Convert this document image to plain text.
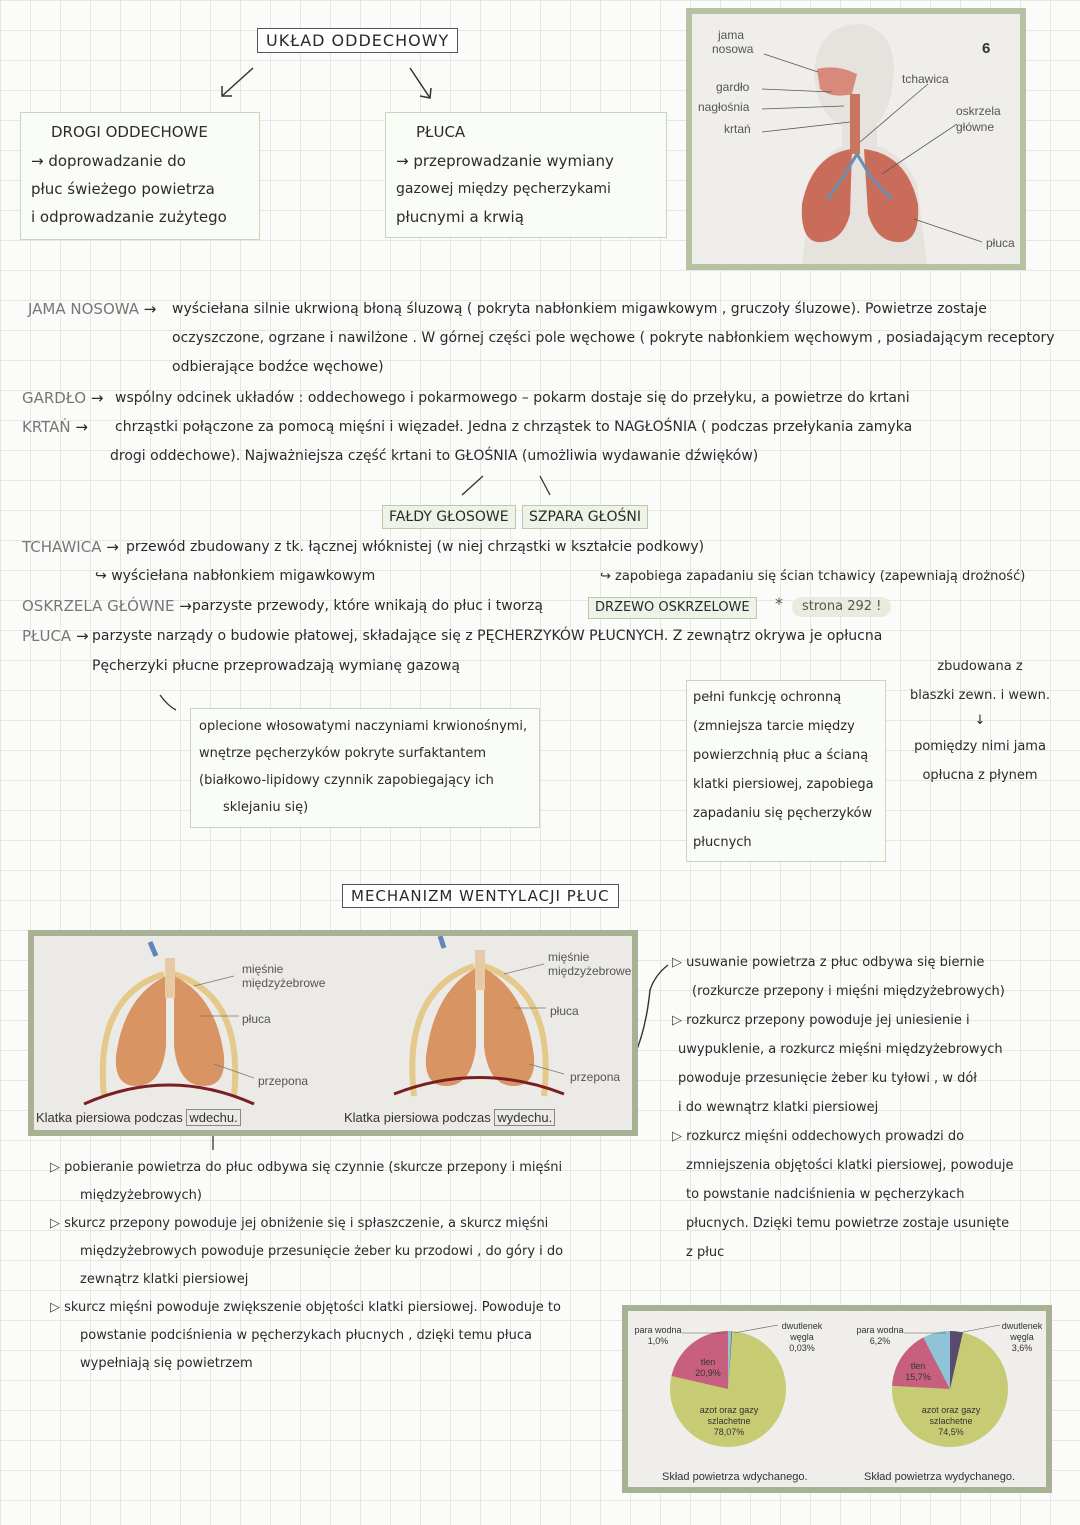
UKŁAD ODDECHOWY
DROGI ODDECHOWE
→ doprowadzanie do
płuc świeżego powietrza
i odprowadzanie zużytego
PŁUCA
→ przeprowadzanie wymiany
gazowej między pęcherzykami
płucnymi a krwią
jama
nosowa
gardło
nagłośnia
krtań
tchawica
oskrzela
główne
płuca
6
JAMA NOSOWA → wyściełana silnie ukrwioną błoną śluzową ( pokryta nabłonkiem migawkowym , gruczoły śluzowe). Powietrze zostaje
oczyszczone, ogrzane i nawilżone . W górnej części pole węchowe ( pokryte nabłonkiem węchowym , posiadającym receptory
odbierające bodźce węchowe)
GARDŁO → wspólny odcinek układów : oddechowego i pokarmowego – pokarm dostaje się do przełyku, a powietrze do krtani
KRTAŃ → chrząstki połączone za pomocą mięśni i więzadeł. Jedna z chrząstek to NAGŁOŚNIA ( podczas przełykania zamyka
drogi oddechowe). Najważniejsza część krtani to GŁOŚNIA (umożliwia wydawanie dźwięków)
FAŁDY GŁOSOWE	SZPARA GŁOŚNI
TCHAWICA → przewód zbudowany z tk. łącznej włóknistej (w niej chrząstki w kształcie podkowy)
↪ wyściełana nabłonkiem migawkowym	↪ zapobiega zapadaniu się ścian tchawicy (zapewniają drożność)
OSKRZELA GŁÓWNE → parzyste przewody, które wnikają do płuc i tworzą	DRZEWO OSKRZELOWE	*	strona 292 !
PŁUCA → parzyste narządy o budowie płatowej, składające się z PĘCHERZYKÓW PŁUCNYCH. Z zewnątrz okrywa je opłucna
Pęcherzyki płucne przeprowadzają wymianę gazową
oplecione włosowatymi naczyniami krwionośnymi,
wnętrze pęcherzyków pokryte surfaktantem
(białkowo-lipidowy czynnik zapobiegający ich
sklejaniu się)
pełni funkcję ochronną
(zmniejsza tarcie między
powierzchnią płuc a ścianą
klatki piersiowej, zapobiega
zapadaniu się pęcherzyków
płucnych
zbudowana z
blaszki zewn. i wewn.
↓
pomiędzy nimi jama
opłucna z płynem
MECHANIZM WENTYLACJI PŁUC
mięśnie
międzyżebrowe
płuca
przepona
mięśnie
międzyżebrowe
płuca
przepona
Klatka piersiowa podczas wdechu.	Klatka piersiowa podczas wydechu.
▷ usuwanie powietrza z płuc odbywa się biernie
(rozkurcze przepony i mięśni międzyżebrowych)
▷ rozkurcz przepony powoduje jej uniesienie i
uwypuklenie, a rozkurcz mięśni międzyżebrowych
powoduje przesunięcie żeber ku tyłowi , w dół
i do wewnątrz klatki piersiowej
▷ rozkurcz mięśni oddechowych prowadzi do
zmniejszenia objętości klatki piersiowej, powoduje
to powstanie nadciśnienia w pęcherzykach
płucnych. Dzięki temu powietrze zostaje usunięte
z płuc
▷ pobieranie powietrza do płuc odbywa się czynnie (skurcze przepony i mięśni
międzyżebrowych)
▷ skurcz przepony powoduje jej obniżenie się i spłaszczenie, a skurcz mięśni
międzyżebrowych powoduje przesunięcie żeber ku przodowi , do góry i do
zewnątrz klatki piersiowej
▷ skurcz mięśni powoduje zwiększenie objętości klatki piersiowej. Powoduje to
powstanie podciśnienia w pęcherzykach płucnych , dzięki temu płuca
wypełniają się powietrzem
para wodna
1,0%
dwutlenek
węgla
0,03%
tlen
20,9%
azot oraz gazy
szlachetne
78,07%
Skład powietrza wdychanego.
para wodna
6,2%
dwutlenek
węgla
3,6%
tlen
15,7%
azot oraz gazy
szlachetne
74,5%
Skład powietrza wydychanego.
